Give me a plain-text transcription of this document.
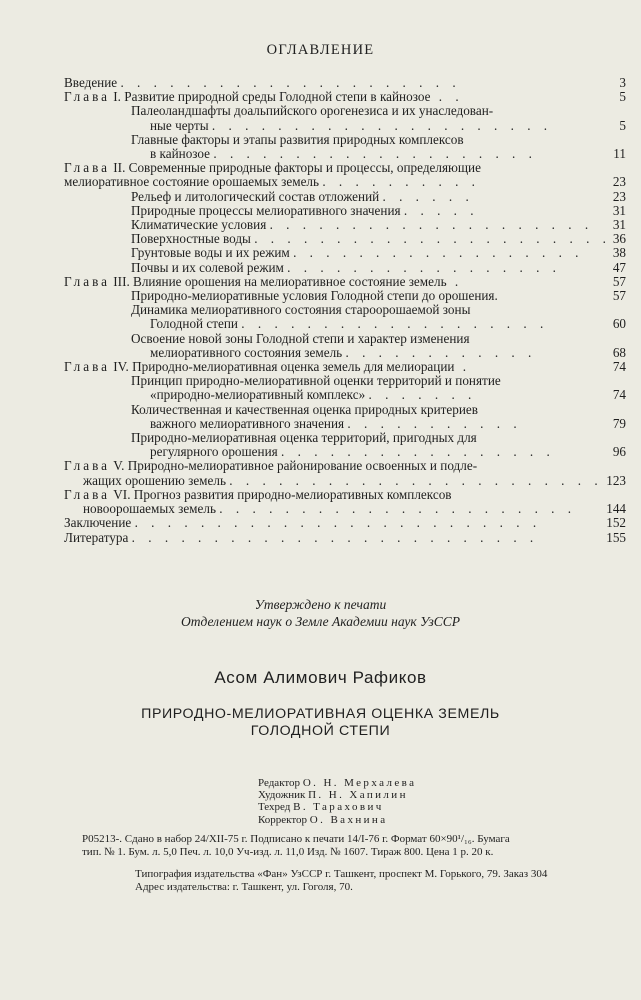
ОГЛАВЛЕНИЕ
Введение . . . . . . . . . . . . . . . . . . . . .	3
Глава I. Развитие природной среды Голодной степи в кайнозое . .	5
Палеоландшафты доальпийского орогенезиса и их унаследован-
ные черты . . . . . . . . . . . . . . . . . . . . .	5
Главные факторы и этапы развития природных комплексов
в кайнозое . . . . . . . . . . . . . . . . . . . .	11
Глава II. Современные природные факторы и процессы, определяющие
мелиоративное состояние орошаемых земель . . . . . . . . . .	23
Рельеф и литологический состав отложений . . . . . .	23
Природные процессы мелиоративного значения . . . . .	31
Климатические условия . . . . . . . . . . . . . . . . . . . . 31
Поверхностные воды . . . . . . . . . . . . . . . . . . . . . . 36
Грунтовые воды и их режим . . . . . . . . . . . . . . . . . . 38
Почвы и их солевой режим . . . . . . . . . . . . . . . . .	47
Глава III. Влияние орошения на мелиоративное состояние земель .	57
Природно-мелиоративные условия Голодной степи до орошения.	57
Динамика мелиоративного состояния староорошаемой зоны
Голодной степи . . . . . . . . . . . . . . . . . . .	60
Освоение новой зоны Голодной степи и характер изменения
мелиоративного состояния земель . . . . . . . . . . . .	68
Глава IV. Природно-мелиоративная оценка земель для мелиорации .	74
Принцип природно-мелиоративной оценки территорий и понятие
«природно-мелиоративный комплекс» . . . . . . .	74
Количественная и качественная оценка природных критериев
важного мелиоративного значения . . . . . . . . . . .	79
Природно-мелиоративная оценка территорий, пригодных для
регулярного орошения . . . . . . . . . . . . . . . . .	96
Глава V. Природно-мелиоративное районирование освоенных и подле-
жащих орошению земель . . . . . . . . . . . . . . . . . . . . . . . 123
Глава VI. Прогноз развития природно-мелиоративных комплексов
новоорошаемых земель . . . . . . . . . . . . . . . . . . . . . . 144
Заключение . . . . . . . . . . . . . . . . . . . . . . . . .	152
Литература . . . . . . . . . . . . . . . . . . . . . . . . .	155
Утверждено к печати
Отделением наук о Земле Академии наук УзССР
Асом Алимович Рафиков
ПРИРОДНО-МЕЛИОРАТИВНАЯ ОЦЕНКА ЗЕМЕЛЬ
ГОЛОДНОЙ СТЕПИ
Редактор О. Н. Мерхалева
Художник П. Н. Хапилин
Техред В. Тарахович
Корректор О. Вахнина
Р05213-. Сдано в набор 24/XII-75 г. Подписано к печати 14/I-76 г. Формат 60×90¹/₁₆. Бумага
тип. № 1. Бум. л. 5,0 Печ. л. 10,0 Уч-изд. л. 11,0 Изд. № 1607. Тираж 800. Цена 1 р. 20 к.
Типография издательства «Фан» УзССР г. Ташкент, проспект М. Горького, 79. Заказ 304
Адрес издательства: г. Ташкент, ул. Гоголя, 70.
